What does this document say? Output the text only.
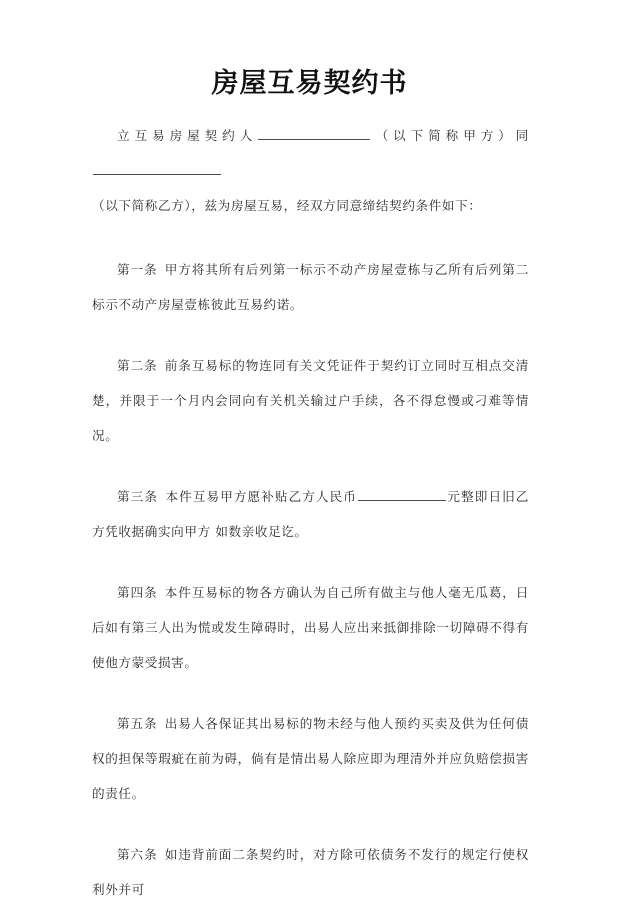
房屋互易契约书

立互易房屋契约人	（以下简称甲方）同

（以下简称乙方），兹为房屋互易，经双方同意缔结契约条件如下：

第一条 甲方将其所有后列第一标示不动产房屋壹栋与乙所有后列第二标示不动产房屋壹栋彼此互易约诺。

第二条 前条互易标的物连同有关文凭证件于契约订立同时互相点交清楚，并限于一个月内会同向有关机关输过户手续，各不得怠慢或刁难等情况。

第三条 本件互易甲方愿补贴乙方人民币	元整即日旧乙方凭收据确实向甲方 如数亲收足讫。

第四条 本件互易标的物各方确认为自己所有做主与他人毫无瓜葛，日后如有第三人出为慌或发生障碍时，出易人应出来抵御排除一切障碍不得有使他方蒙受损害。

第五条 出易人各保证其出易标的物未经与他人预约买卖及供为任何债权的担保等瑕疵在前为碍，倘有是情出易人除应即为理清外并应负赔偿损害的责任。

第六条 如违背前面二条契约时，对方除可依债务不发行的规定行使权利外并可
